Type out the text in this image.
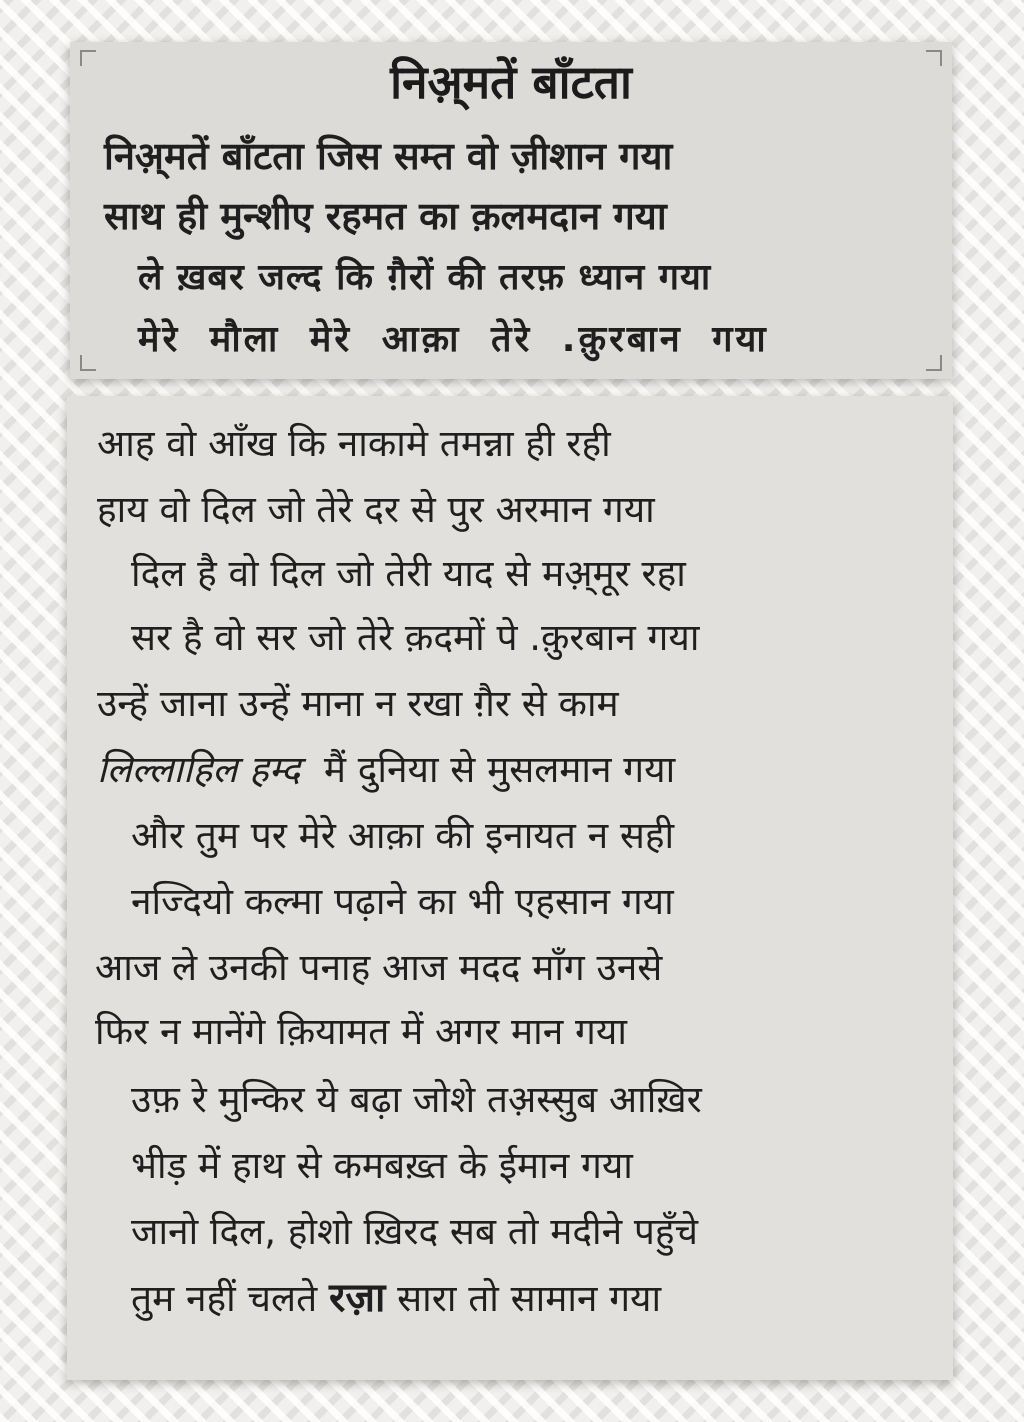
निअ़्मतें बाँटता
निअ़्मतें बाँटता जिस सम्त वो ज़ीशान गया
साथ ही मुन्शीए रहमत का क़लमदान गया
ले ख़बर जल्द कि ग़ैरों की तरफ़ ध्यान गया
मेरे मौला मेरे आक़ा तेरे .क़ुरबान गया
आह वो आँख कि नाकामे तमन्ना ही रही
हाय वो दिल जो तेरे दर से पुर अरमान गया
दिल है वो दिल जो तेरी याद से मअ़्मूर रहा
सर है वो सर जो तेरे क़दमों पे .क़ुरबान गया
उन्हें जाना उन्हें माना न रखा ग़ैर से काम
लिल्लाहिल हम्द मैं दुनिया से मुसलमान गया
और तुम पर मेरे आक़ा की इनायत न सही
नज्दियो कल्मा पढ़ाने का भी एहसान गया
आज ले उनकी पनाह आज मदद माँग उनसे
फिर न मानेंगे क़ियामत में अगर मान गया
उफ़ रे मुन्किर ये बढ़ा जोशे तअ़स्सुब आख़िर
भीड़ में हाथ से कमबख़्त के ईमान गया
जानो दिल, होशो ख़िरद सब तो मदीने पहुँचे
तुम नहीं चलते रज़ा सारा तो सामान गया
